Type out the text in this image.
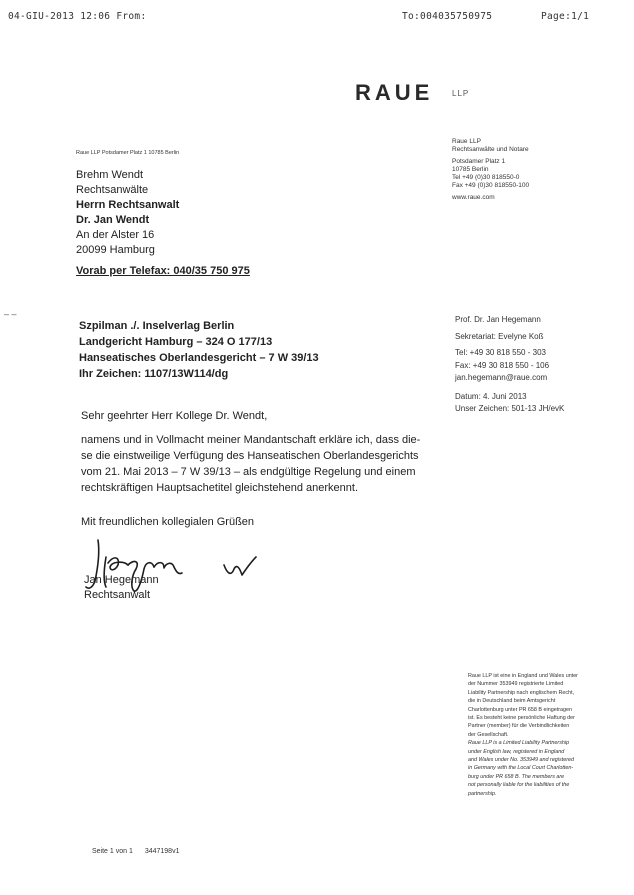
04-GIU-2013 12:06 From:	To:004035750975	Page:1/1
RAUE LLP
Raue LLP Potsdamer Platz 1 10785 Berlin
Raue LLP
Rechtsanwälte und Notare
Potsdamer Platz 1
10785 Berlin
Tel +49 (0)30 818550-0
Fax +49 (0)30 818550-100
www.raue.com
Brehm Wendt
Rechtsanwälte
Herrn Rechtsanwalt
Dr. Jan Wendt
An der Alster 16
20099 Hamburg
Vorab per Telefax: 040/35 750 975
– –
Szpilman ./. Inselverlag Berlin
Landgericht Hamburg – 324 O 177/13
Hanseatisches Oberlandesgericht – 7 W 39/13
Ihr Zeichen: 1107/13W114/dg
Prof. Dr. Jan Hegemann
Sekretariat: Evelyne Koß
Tel: +49 30 818 550 - 303
Fax: +49 30 818 550 - 106
jan.hegemann@raue.com
Datum: 4. Juni 2013
Unser Zeichen: 501-13 JH/evK
Sehr geehrter Herr Kollege Dr. Wendt,
namens und in Vollmacht meiner Mandantschaft erkläre ich, dass die-
se die einstweilige Verfügung des Hanseatischen Oberlandesgerichts
vom 21. Mai 2013 – 7 W 39/13 – als endgültige Regelung und einem
rechtskräftigen Hauptsachetitel gleichstehend anerkennt.
Mit freundlichen kollegialen Grüßen
Jan Hegemann
Rechtsanwalt
Raue LLP ist eine in England und Wales unter
der Nummer 353949 registrierte Limited
Liability Partnership nach englischem Recht,
die in Deutschland beim Amtsgericht
Charlottenburg unter PR 658 B eingetragen
ist. Es besteht keine persönliche Haftung der
Partner (member) für die Verbindlichkeiten
der Gesellschaft.
Raue LLP is a Limited Liability Partnership
under English law, registered in England
and Wales under No. 353949 and registered
in Germany with the Local Court Charlotten-
burg under PR 658 B. The members are
not personally liable for the liabilities of the
partnership.
Seite 1 von 1 3447198v1
